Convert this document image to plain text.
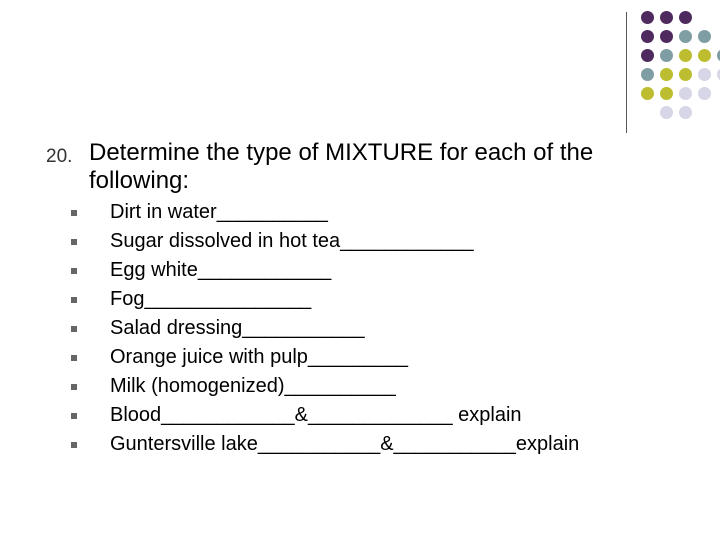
20. Determine the type of MIXTURE for each of the following:
Dirt in water__________
Sugar dissolved in hot tea____________
Egg white____________
Fog_______________
Salad dressing___________
Orange juice with pulp_________
Milk (homogenized)__________
Blood____________&_____________ explain
Guntersville lake___________&___________explain
